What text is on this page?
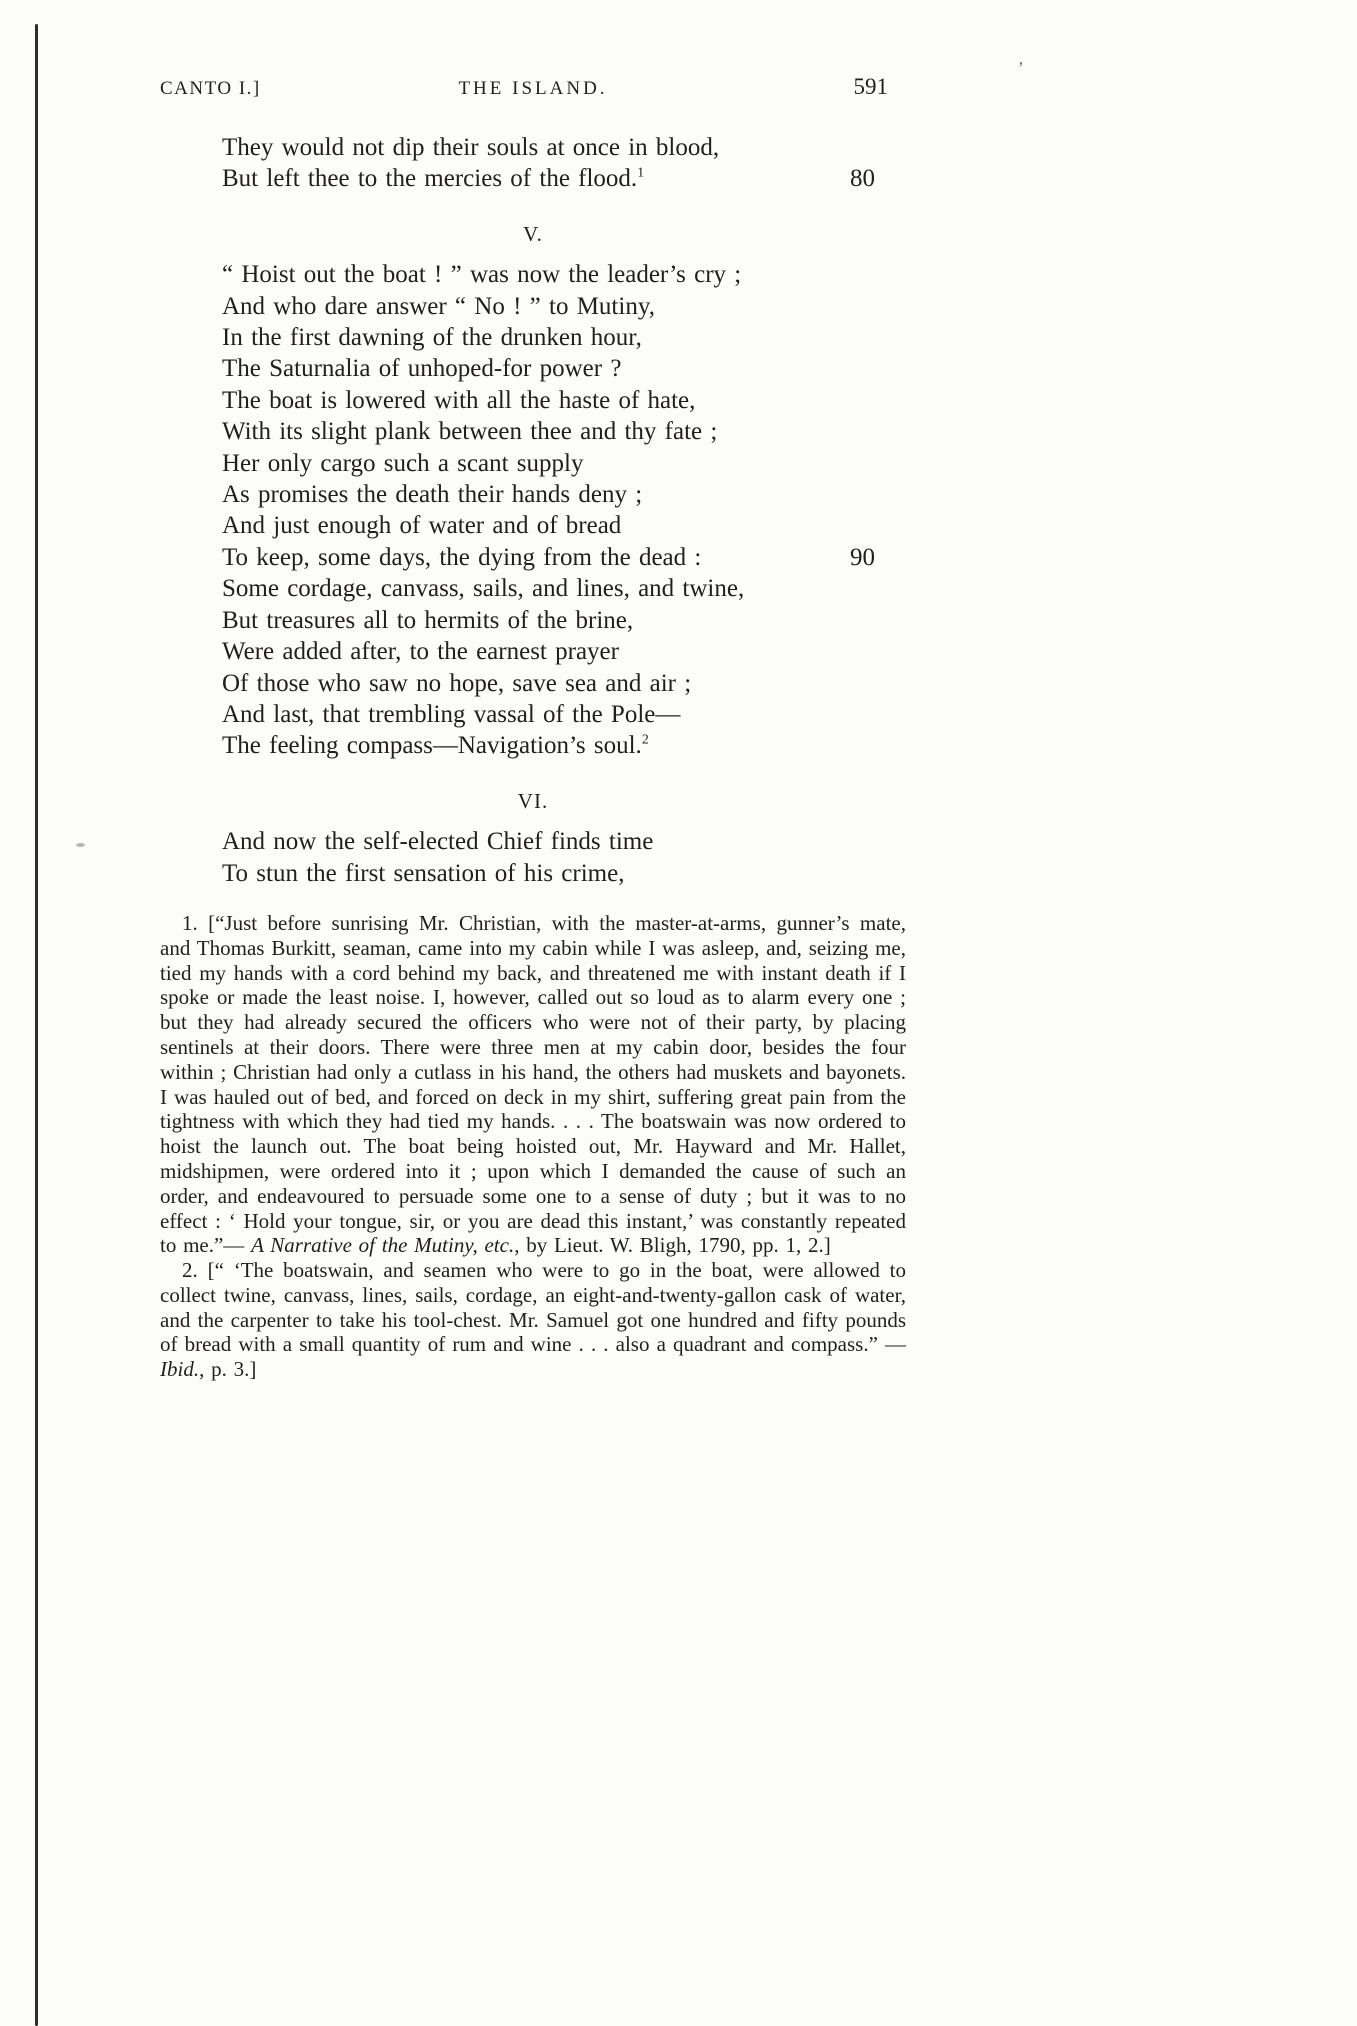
’
CANTO I.]	THE ISLAND.	591
They would not dip their souls at once in blood,
But left thee to the mercies of the flood.$^1$	80
V.
“ Hoist out the boat ! ” was now the leader’s cry ;
And who dare answer “ No ! ” to Mutiny,
In the first dawning of the drunken hour,
The Saturnalia of unhoped-for power ?
The boat is lowered with all the haste of hate,
With its slight plank between thee and thy fate ;
Her only cargo such a scant supply
As promises the death their hands deny ;
And just enough of water and of bread
To keep, some days, the dying from the dead :	90
Some cordage, canvass, sails, and lines, and twine,
But treasures all to hermits of the brine,
Were added after, to the earnest prayer
Of those who saw no hope, save sea and air ;
And last, that trembling vassal of the Pole—
The feeling compass—Navigation’s soul.$^2$
VI.
And now the self-elected Chief finds time
To stun the first sensation of his crime,

1. [“Just before sunrising Mr. Christian, with the master-at-arms, gunner’s mate, and Thomas Burkitt, seaman, came into my cabin while I was asleep, and, seizing me, tied my hands with a cord behind my back, and threatened me with instant death if I spoke or made the least noise. I, however, called out so loud as to alarm every one ; but they had already secured the officers who were not of their party, by placing sentinels at their doors. There were three men at my cabin door, besides the four within ; Christian had only a cutlass in his hand, the others had muskets and bayonets. I was hauled out of bed, and forced on deck in my shirt, suffering great pain from the tightness with which they had tied my hands. . . . The boatswain was now ordered to hoist the launch out. The boat being hoisted out, Mr. Hayward and Mr. Hallet, midshipmen, were ordered into it ; upon which I demanded the cause of such an order, and endeavoured to persuade some one to a sense of duty ; but it was to no effect : ‘ Hold your tongue, sir, or you are dead this instant,’ was constantly repeated to me.”— A Narrative of the Mutiny, etc., by Lieut. W. Bligh, 1790, pp. 1, 2.]

2. [“ ‘The boatswain, and seamen who were to go in the boat, were allowed to collect twine, canvass, lines, sails, cordage, an eight-and-twenty-gallon cask of water, and the carpenter to take his tool-chest. Mr. Samuel got one hundred and fifty pounds of bread with a small quantity of rum and wine . . . also a quadrant and compass.” —Ibid., p. 3.]
